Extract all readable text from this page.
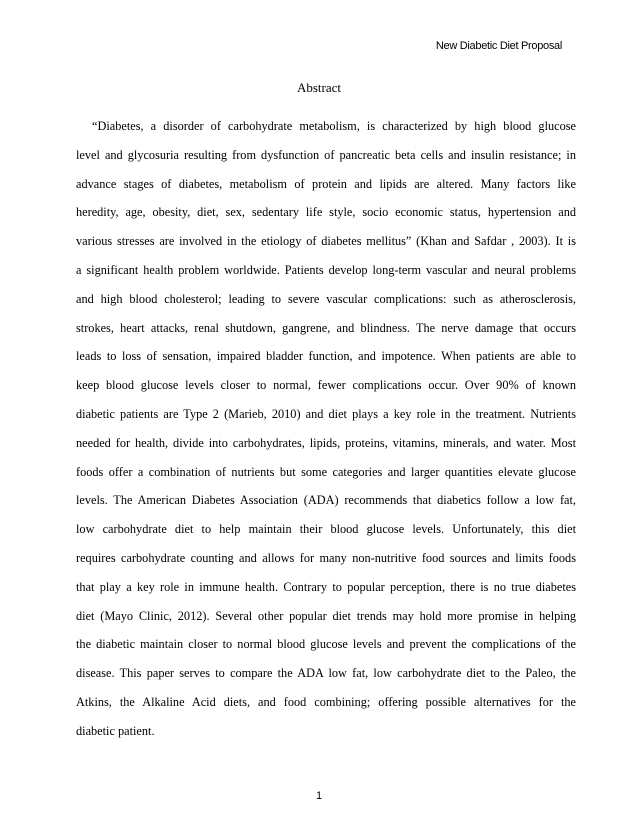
New Diabetic Diet Proposal
Abstract
“Diabetes, a disorder of carbohydrate metabolism, is characterized by high blood glucose
level and glycosuria resulting from dysfunction of pancreatic beta cells and insulin resistance; in
advance stages of diabetes, metabolism of protein and lipids are altered. Many factors like
heredity, age, obesity, diet, sex, sedentary life style, socio economic status, hypertension and
various stresses are involved in the etiology of diabetes mellitus” (Khan and Safdar , 2003). It is
a significant health problem worldwide. Patients develop long-term vascular and neural problems
and high blood cholesterol; leading to severe vascular complications: such as atherosclerosis,
strokes, heart attacks, renal shutdown, gangrene, and blindness. The nerve damage that occurs
leads to loss of sensation, impaired bladder function, and impotence. When patients are able to
keep blood glucose levels closer to normal, fewer complications occur. Over 90% of known
diabetic patients are Type 2 (Marieb, 2010) and diet plays a key role in the treatment. Nutrients
needed for health, divide into carbohydrates, lipids, proteins, vitamins, minerals, and water. Most
foods offer a combination of nutrients but some categories and larger quantities elevate glucose
levels. The American Diabetes Association (ADA) recommends that diabetics follow a low fat,
low carbohydrate diet to help maintain their blood glucose levels. Unfortunately, this diet
requires carbohydrate counting and allows for many non-nutritive food sources and limits foods
that play a key role in immune health. Contrary to popular perception, there is no true diabetes
diet (Mayo Clinic, 2012). Several other popular diet trends may hold more promise in helping
the diabetic maintain closer to normal blood glucose levels and prevent the complications of the
disease. This paper serves to compare the ADA low fat, low carbohydrate diet to the Paleo, the
Atkins, the Alkaline Acid diets, and food combining; offering possible alternatives for the
diabetic patient.
1
